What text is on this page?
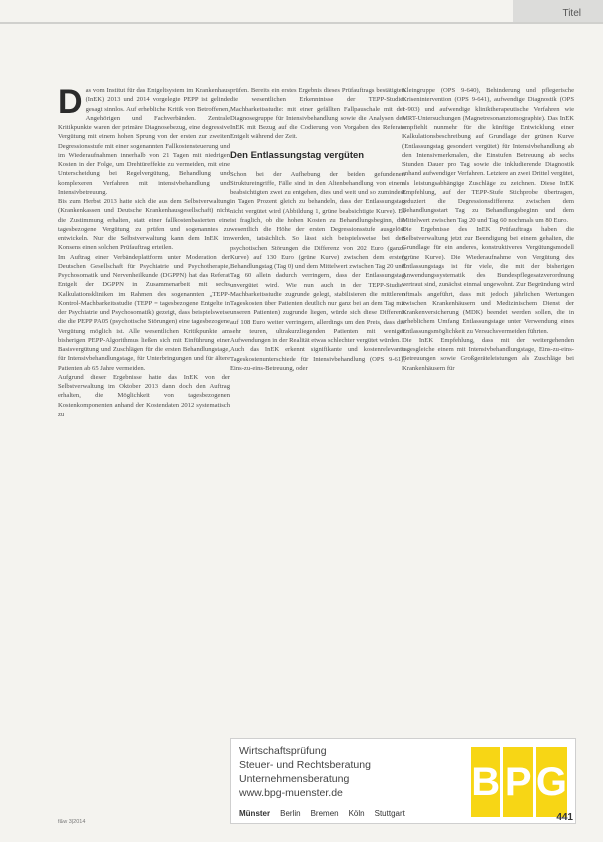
Titel

Das vom Institut für das Entgeltsystem im Krankenhaus (InEK) 2013 und 2014 vorgelegte PEPP ist gelinde gesagt sinnlos. Auf erhebliche Kritik von Betroffenen, Angehörigen und Fachverbänden. Zentrale Kritikpunkte waren der primäre Diagnosebezug, eine degressive Vergütung mit einem hohen Sprung von der ersten zur zweiten Degressionsstufe mit einer sogenannten Fallkostensteuerung und im Wiederaufnahmen innerhalb von 21 Tagen mit niedrigen Kosten in der Folge, um Drehtüreffekte zu vermeiden, mit eine Unterscheidung bei Regelvergütung, Behandlung und komplexeren Verfahren mit intensivbehandlung und Intensivbetreuung.

Bis zum Herbst 2013 hatte sich die aus dem Selbstverwaltung (Krankenkassen und Deutsche Krankenhausgesellschaft) nicht die Zustimmung erhalten, statt einer fallkostenbasierten eine tagesbezogene Vergütung zu prüfen und sogenanntes zu entwickeln. Nur die Selbstverwaltung kann dem InEK im Konsens einen solchen Prüfauftrag erteilen.

Im Auftrag einer Verbändeplattform unter Moderation der Deutschen Gesellschaft für Psychiatrie und Psychotherapie, Psychosomatik und Nervenheilkunde (DGPPN) hat das Referat Entgelt der DGPPN in Zusammenarbeit mit sechs Kalkulationskliniken im Rahmen des sogenannten „TEPP-Kontrol-Machbarkeitsstudie (TEPP = tagesbezogene Entgelte in der Psychiatrie und Psychosomatik) gezeigt, dass beispielsweise die die PEPP PA05 (psychotische Störungen) eine tagesbezogene Vergütung möglich ist. Alle wesentlichen Kritikpunkte am bisherigen PEPP-Algorithmus ließen sich mit Einführung einer Basisvergütung und Zuschlägen für die ersten Behandlungstage, für Intensivbehandlungstage, für Unterbringungen und für ältere Patienten ab 65 Jahre vermeiden.

Aufgrund dieser Ergebnisse hatte das InEK von der Selbstverwaltung im Oktober 2013 dann doch den Auftrag erhalten, die Möglichkeit von tagesbezogenen Kostenkomponenten anhand der Kostendaten 2012 systematisch zu

prüfen. Bereits ein erstes Ergebnis dieses Prüfauftrags bestätigten die wesentlichen Erkenntnisse der TEPP-Studie: Machbarkeitsstudie: mit einer gefällten Fallpauschale mit der Diagnosegruppe für Intensivbehandlung sowie die Analysen des InEK mit Bezug auf die Codierung von Vorgaben des Referats Entgelt während der Zeit.

Den Entlassungstag vergüten

Schon bei der Aufhebung der beiden gefundenen Struktureingriffe, Fälle sind in den Altenbehandlung von einem beabsichtigten zwei zu entgehen, dies und weit und so zumindest in Tagen Prozent gleich zu behandeln, dass der Entlassungstag nicht vergütet wird (Abbildung 1, grüne beabsichtigte Kurve). Es ist fraglich, ob die hohen Kosten zu Behandlungsbeginn, die wesentlich die Höhe der ersten Degressionsstufe ausgelöst werden, tatsächlich. So lässt sich beispielsweise bei den psychotischen Störungen die Differenz von 202 Euro (ganze Kurve) auf 130 Euro (grüne Kurve) zwischen dem ersten Behandlungstag (Tag 0) und dem Mittelwert zwischen Tag 20 und Tag 60 allein dadurch verringern, dass der Entlassungstag unvergütet wird. Wie nun auch in der TEPP-Studie-Machbarkeitsstudie zugrunde gelegt, stabilisieren die mittleren Tageskosten über Patienten deutlich nur ganz bei an dem Tag mit unseren Patienten) zugrunde liegen, würde sich diese Differenz auf 108 Euro weiter verringern, allerdings um den Preis, dass die sehr teuren, ultrakurzliegenden Patienten mit weniger Aufwendungen in der Realität etwas schlechter vergütet würden.

Auch das InEK erkennt signifikante und kostenrelevante Tageskostenunterschiede für Intensivbehandlung (OPS 9-61), Eins-zu-eins-Betreuung, oder

Kleingruppe (OPS 9-640), Behinderung und pflegerische Krisenintervention (OPS 9-641), aufwendige Diagnostik (OPS 1-903) und aufwendige kliniktherapeutische Verfahren wie MRT-Untersuchungen (Magnetresonanztomographie). Das InEK empfiehlt nunmehr für die künftige Entwicklung einer Kalkulationsbeschreibung auf Grundlage der grünen Kurve (Entlassungstag gesondert vergütet) für Intensivbehandlung ab den Intensivmerkmalen, die Einstufen Betreuung ab sechs Stunden Dauer pro Tag sowie die inkludierende Diagnostik anhand aufwendiger Verfahren. Letztere an zwei Drittel vergütet, als leistungsabhängige Zuschläge zu zeichnen. Diese InEK Empfehlung, auf der TEPP-Stufe Stichprobe übertragen, reduziert die Degressionsdifferenz zwischen dem Behandlungsstart Tag zu Behandlungsbeginn und dem Mittelwert zwischen Tag 20 und Tag 60 nochmals um 80 Euro.

Die Ergebnisse des InEK Prüfauftrags haben die Selbstverwaltung jetzt zur Beendigung bei einem gehalten, die Grundlage für ein anderes, konstruktiveres Vergütungsmodell (grüne Kurve). Die Wiederaufnahme von Vergütung des Entlassungstags ist für viele, die mit der bisherigen Anwendungssystematik des Bundespflegesatzverordnung vertraut sind, zunächst einmal ungewohnt. Zur Begründung wird oftmals angeführt, dass mit jedoch jährlichen Wertungen zwischen Krankenhäusern und Medizinischem Dienst der Krankenversicherung (MDK) beendet werden sollen, die in erheblichem Umfang Entlassungstage unter Verwendung eines Entlassungsmöglichkeit zu Versuchsvermeiden führten.

Die InEK Empfehlung, dass mit der weitergehenden tagesgleiche einem mit Intensivbehandlungstage, Eins-zu-eins-Betreuungen sowie Großgeräteleistungen als Zuschläge bei Krankenhäusern für

Wirtschaftsprüfung
Steuer- und Rechtsberatung
Unternehmensberatung
www.bpg-muenster.de
Münster Berlin Bremen Köln Stuttgart
B P G
f&w 3|2014	441
